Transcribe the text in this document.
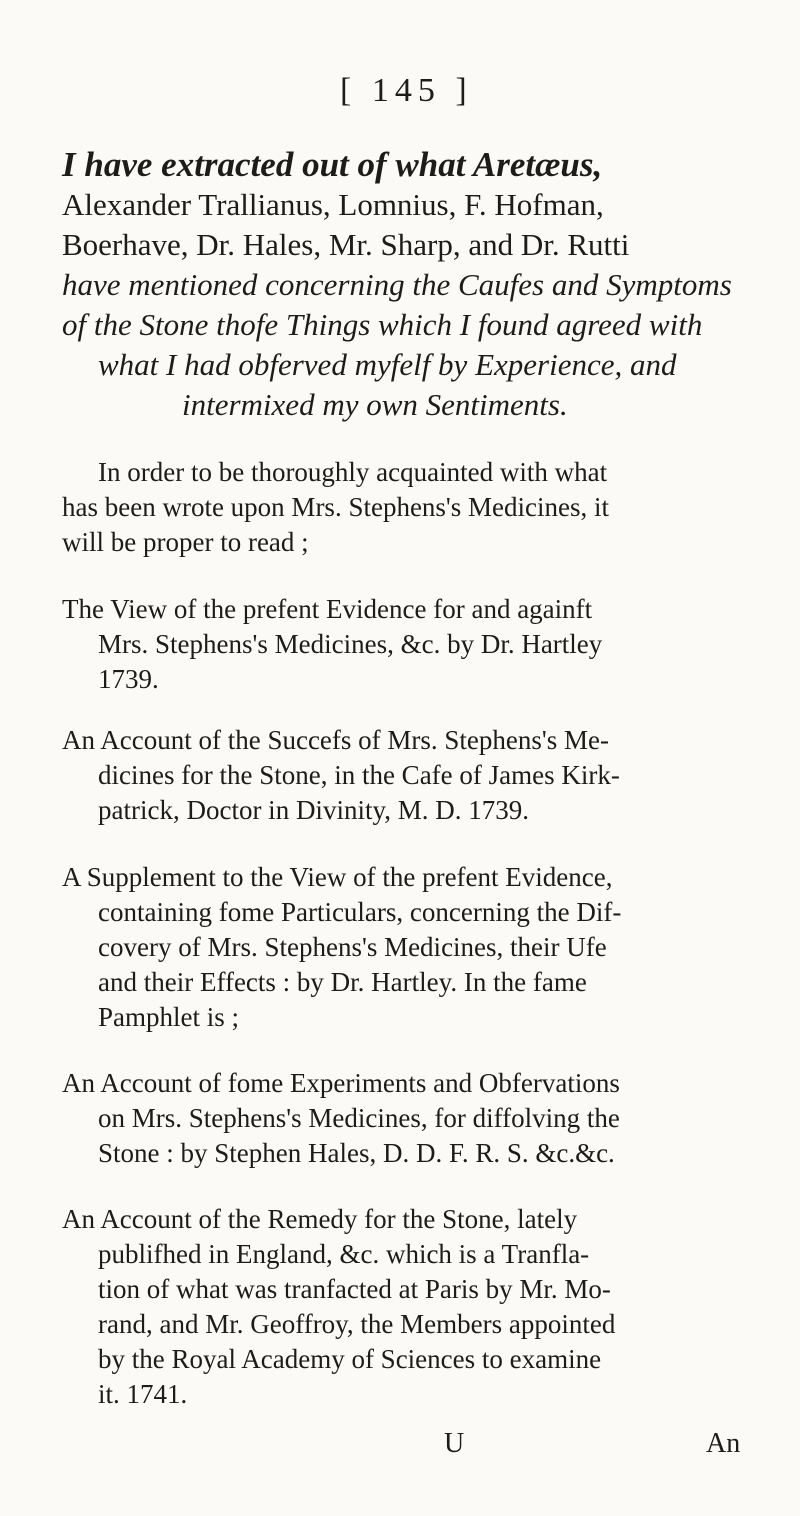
[ 145 ]
I have extracted out of what Aretæus,
Alexander Trallianus, Lomnius, F. Hofman,
Boerhave, Dr. Hales, Mr. Sharp, and Dr. Rutti
have mentioned concerning the Caufes and Symptoms
of the Stone thofe Things which I found agreed with
what I had obferved myfelf by Experience, and
intermixed my own Sentiments.
In order to be thoroughly acquainted with what
has been wrote upon Mrs. Stephens's Medicines, it
will be proper to read ;
The View of the prefent Evidence for and againft
Mrs. Stephens's Medicines, &c. by Dr. Hartley
1739.
An Account of the Succefs of Mrs. Stephens's Me-
dicines for the Stone, in the Cafe of James Kirk-
patrick, Doctor in Divinity, M. D. 1739.
A Supplement to the View of the prefent Evidence,
containing fome Particulars, concerning the Dif-
covery of Mrs. Stephens's Medicines, their Ufe
and their Effects : by Dr. Hartley. In the fame
Pamphlet is ;
An Account of fome Experiments and Obfervations
on Mrs. Stephens's Medicines, for diffolving the
Stone : by Stephen Hales, D. D. F. R. S. &c.&c.
An Account of the Remedy for the Stone, lately
publifhed in England, &c. which is a Tranfla-
tion of what was tranfacted at Paris by Mr. Mo-
rand, and Mr. Geoffroy, the Members appointed
by the Royal Academy of Sciences to examine
it. 1741.
U	An
